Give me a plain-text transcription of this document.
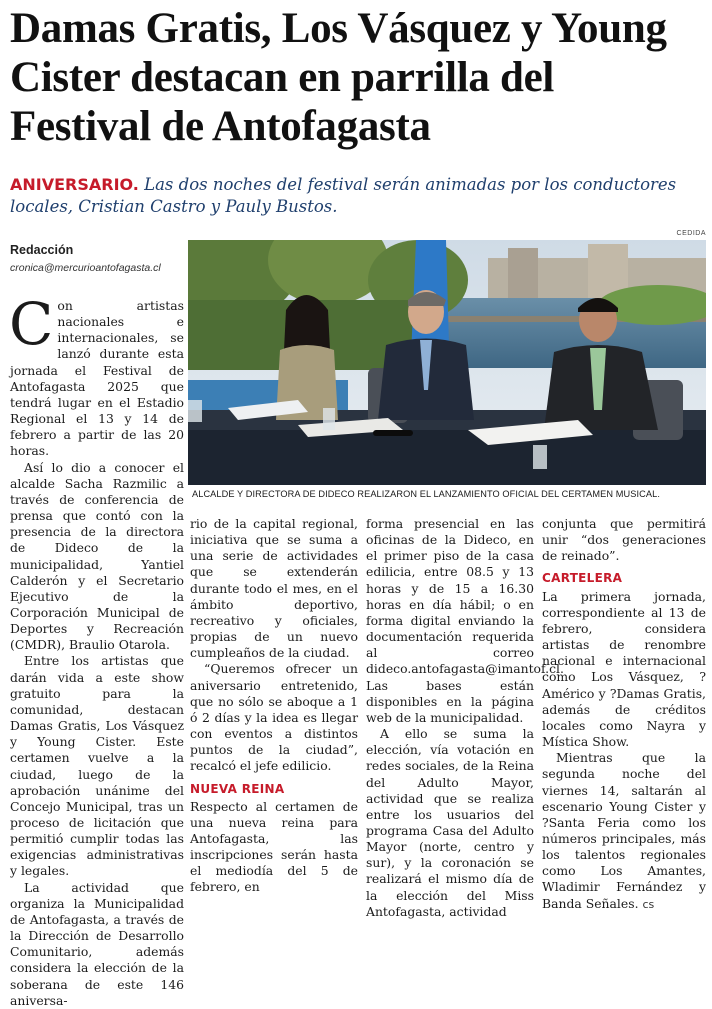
Damas Gratis, Los Vásquez y Young Cister destacan en parrilla del Festival de Antofagasta

ANIVERSARIO. Las dos noches del festival serán animadas por los conductores locales, Cristian Castro y Pauly Bustos.

Redacción
cronica@mercurioantofagasta.cl
CEDIDA
ALCALDE Y DIRECTORA DE DIDECO REALIZARON EL LANZAMIENTO OFICIAL DEL CERTAMEN MUSICAL.

Con artistas nacionales e internacionales, se lanzó durante esta jornada el Festival de Antofagasta 2025 que tendrá lugar en el Estadio Regional el 13 y 14 de febrero a partir de las 20 horas.

Así lo dio a conocer el alcalde Sacha Razmilic a través de conferencia de prensa que contó con la presencia de la directora de Dideco de la municipalidad, Yantiel Calderón y el Secretario Ejecutivo de la Corporación Municipal de Deportes y Recreación (CMDR), Braulio Otarola.

Entre los artistas que darán vida a este show gratuito para la comunidad, destacan Damas Gratis, Los Vásquez y Young Cister. Este certamen vuelve a la ciudad, luego de la aprobación unánime del Concejo Municipal, tras un proceso de licitación que permitió cumplir todas las exigencias administrativas y legales.

La actividad que organiza la Municipalidad de Antofagasta, a través de la Dirección de Desarrollo Comunitario, además considera la elección de la soberana de este 146 aniversa-

rio de la capital regional, iniciativa que se suma a una serie de actividades que se extenderán durante todo el mes, en el ámbito deportivo, recreativo y oficiales, propias de un nuevo cumpleaños de la ciudad.

“Queremos ofrecer un aniversario entretenido, que no sólo se aboque a 1 ó 2 días y la idea es llegar con eventos a distintos puntos de la ciudad”, recalcó el jefe edilicio.

NUEVA REINA

Respecto al certamen de una nueva reina para Antofagasta, las inscripciones serán hasta el mediodía del 5 de febrero, en

forma presencial en las oficinas de la Dideco, en el primer piso de la casa edilicia, entre 08.5 y 13 horas y de 15 a 16.30 horas en día hábil; o en forma digital enviando la documentación requerida al correo dideco.antofagasta@imantof.cl. Las bases están disponibles en la página web de la municipalidad.

A ello se suma la elección, vía votación en redes sociales, de la Reina del Adulto Mayor, actividad que se realiza entre los usuarios del programa Casa del Adulto Mayor (norte, centro y sur), y la coronación se realizará el mismo día de la elección del Miss Antofagasta, actividad

conjunta que permitirá unir “dos generaciones de reinado”.

CARTELERA

La primera jornada, correspondiente al 13 de febrero, considera artistas de renombre nacional e internacional como Los Vásquez, ?Américo y ?Damas Gratis, además de créditos locales como Nayra y Mística Show.

Mientras que la segunda noche del viernes 14, saltarán al escenario Young Cister y ?Santa Feria como los números principales, más los talentos regionales como Los Amantes, Wladimir Fernández y Banda Señales. cs
